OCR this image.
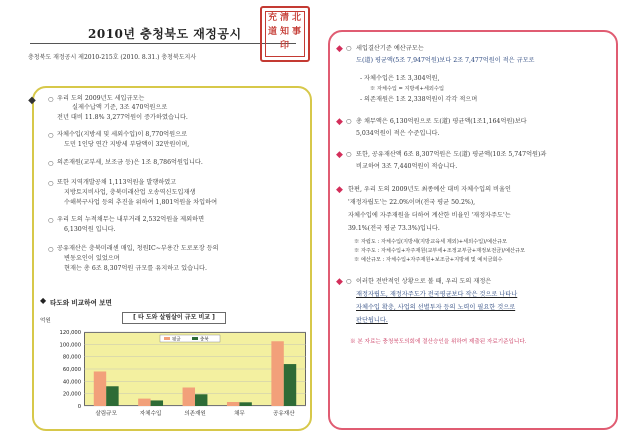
2010년 충청북도 재정공시
충청북도 재정공시 제2010-215호 (2010. 8.31.) 충청북도지사
充 清 北
道 知 事
印
◆	○ 우리 도의 2009년도 세입규모는
실제수납액 기준, 3조 470억원으로
전년 대비 11.8% 3,277억원이 증가하였습니다.
○ 자체수입(지방세 및 세외수입)이 8,770억원으로
도민 1인당 연간 지방세 부담액이 32만원이며,
○ 의존재원(교부세, 보조금 등)은 1조 8,786억원입니다.
○ 또한 지역개발공채 1,113억원을 발행하였고
지방토지비사업, 충북미래산업 오송역신도입재생
수해복구사업 등의 추진을 위하여 1,801억원을 차입하여
○ 우리 도의 누적채무는 내부거래 2,532억원을 제외하면
6,130억원 입니다.
○ 공유재산은 충북미래센 매입, 청원IC~부용간 도로포장 등의
변동요인이 있었으며
현재는 총 6조 8,307억원 규모를 유지하고 있습니다.
◆ 타도와 비교하여 보면
억원
120,000
100,000
80,000
60,000
40,000
20,000
0
살림규모	자체수입	의존재원	채무	공유재산
평균	충북
[ 타 도와 살림살이 규모 비교 ]
◆ ○ 세입결산기준 예산규모는
도(道) 평균액(5조 7,947억원)보다 2조 7,477억원이 적은 규모로
- 자체수입은 1조 3,304억원,
※ 자체수입 = 지방세+세외수입
- 의존재원은 1조 2,338억원이 각각 적으며
◆ ○ 총 채무액은 6,130억원으로 도(道) 평균액(1조1,164억원)보다
5,034억원이 적은 수준입니다.
◆ ○ 또한, 공유재산액 6조 8,307억원은 도(道) 평균액(10조 5,747억원)과
비교하여 3조 7,440억원이 적습니다.
◆ 한편, 우리 도의 2009년도 최종예산 대비 자체수입의 비율인
'재정자립도'는 22.0%이며(전국 평균 50.2%),
자체수입에 자주재원을 더하여 계산한 비율인 '재정자주도'는
39.1%(전국 평균 73.3%)입니다.
※ 자립도 : 자체수입(지방세(지방교육세 제외)+세외수입)/예산규모
※ 자주도 : 자체수입+자주재원(교부세+조정교부금+재정보전금)/예산규모
※ 예산규모 : 자체수입+자주재원+보조금+지방채 및 예치금회수
◆ ○ 이러한 전반적인 상황으로 볼 때, 우리 도의 재정은
재정자립도, 재정자주도가 전국평균보다 작은 것으로 나타나
자체수입 확충, 사업의 선별투자 등의 노력이 필요한 것으로
판단됩니다.
※ 본 자료는 충청북도의회에 결산승인을 위하여 제출된 자료기준입니다.
